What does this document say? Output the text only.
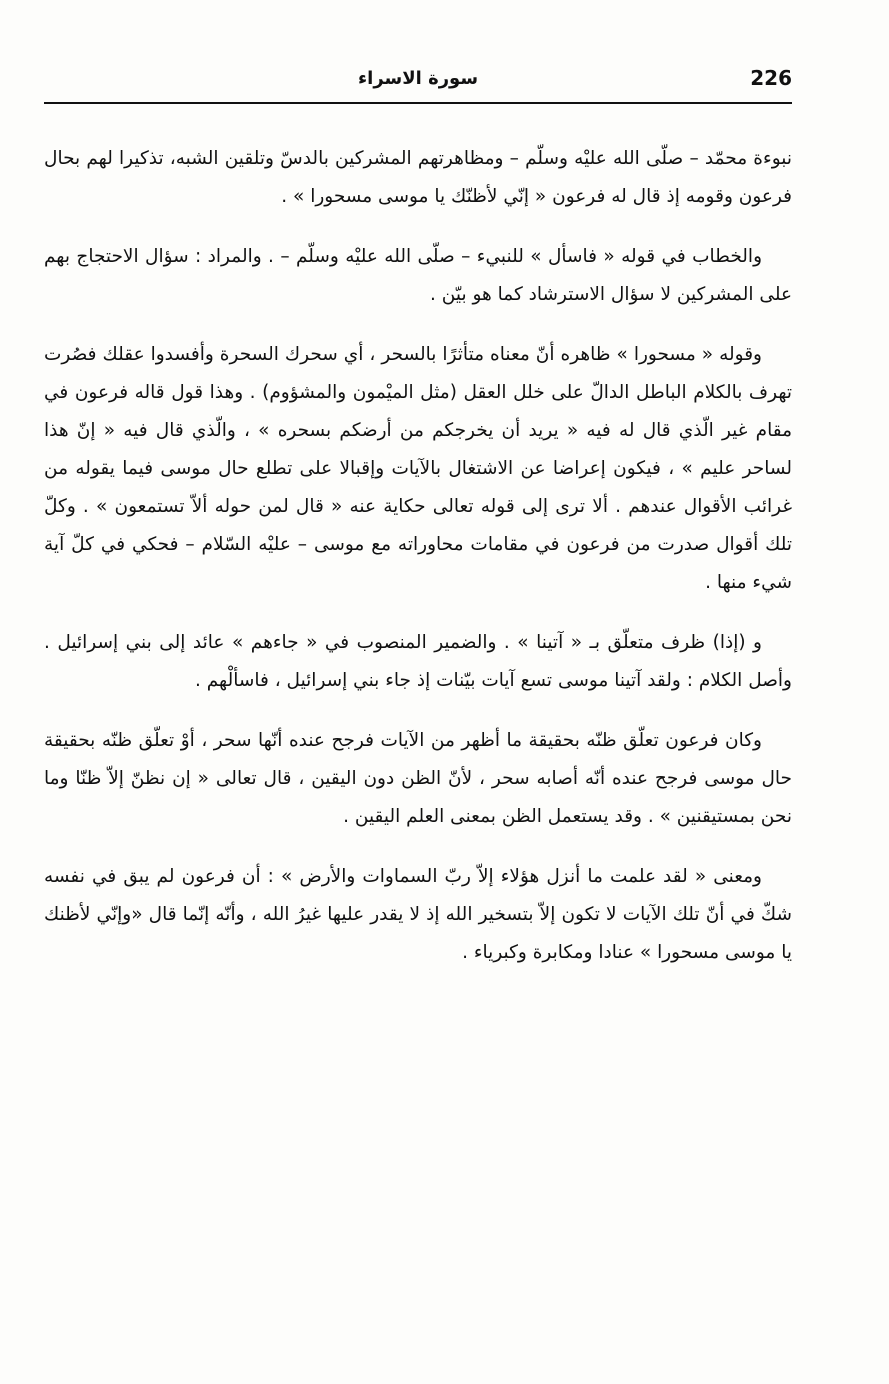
226
سورة الاسراء

نبوءة محمّد – صلّى الله عليْه وسلّم – ومظاهرتهم المشركين بالدسّ وتلقين الشبه، تذكيرا لهم بحال فرعون وقومه إذ قال له فرعون « إنّي لأظنّك يا موسى مسحورا » .

والخطاب في قوله « فاسأل » للنبيء – صلّى الله عليْه وسلّم – . والمراد : سؤال الاحتجاج بهم على المشركين لا سؤال الاسترشاد كما هو بيّن .

وقوله « مسحورا » ظاهره أنّ معناه متأثرًا بالسحر ، أي سحرك السحرة وأفسدوا عقلك فصُرت تهرف بالكلام الباطل الدالّ على خلل العقل (مثل الميْمون والمشؤوم) . وهذا قول قاله فرعون في مقام غير الّذي قال له فيه « يريد أن يخرجكم من أرضكم بسحره » ، والّذي قال فيه « إنّ هذا لساحر عليم » ، فيكون إعراضا عن الاشتغال بالآيات وإقبالا على تطلع حال موسى فيما يقوله من غرائب الأقوال عندهم . ألا ترى إلى قوله تعالى حكاية عنه « قال لمن حوله ألاّ تستمعون » . وكلّ تلك أقوال صدرت من فرعون في مقامات محاوراته مع موسى – عليْه السّلام – فحكي في كلّ آية شيء منها .

و (إذا) ظرف متعلّق بـ « آتينا » . والضمير المنصوب في « جاءهم » عائد إلى بني إسرائيل . وأصل الكلام : ولقد آتينا موسى تسع آيات بيّنات إذ جاء بني إسرائيل ، فاسألْهم .

وكان فرعون تعلّق ظنّه بحقيقة ما أظهر من الآيات فرجح عنده أنّها سحر ، أوْ تعلّق ظنّه بحقيقة حال موسى فرجح عنده أنّه أصابه سحر ، لأنّ الظن دون اليقين ، قال تعالى « إن نظنّ إلاّ ظنّا وما نحن بمستيقنين » . وقد يستعمل الظن بمعنى العلم اليقين .

ومعنى « لقد علمت ما أنزل هؤلاء إلاّ ربّ السماوات والأرض » : أن فرعون لم يبق في نفسه شكّ في أنّ تلك الآيات لا تكون إلاّ بتسخير الله إذ لا يقدر عليها غيرُ الله ، وأنّه إنّما قال «وإنّي لأظنك يا موسى مسحورا » عنادا ومكابرة وكبرياء .
